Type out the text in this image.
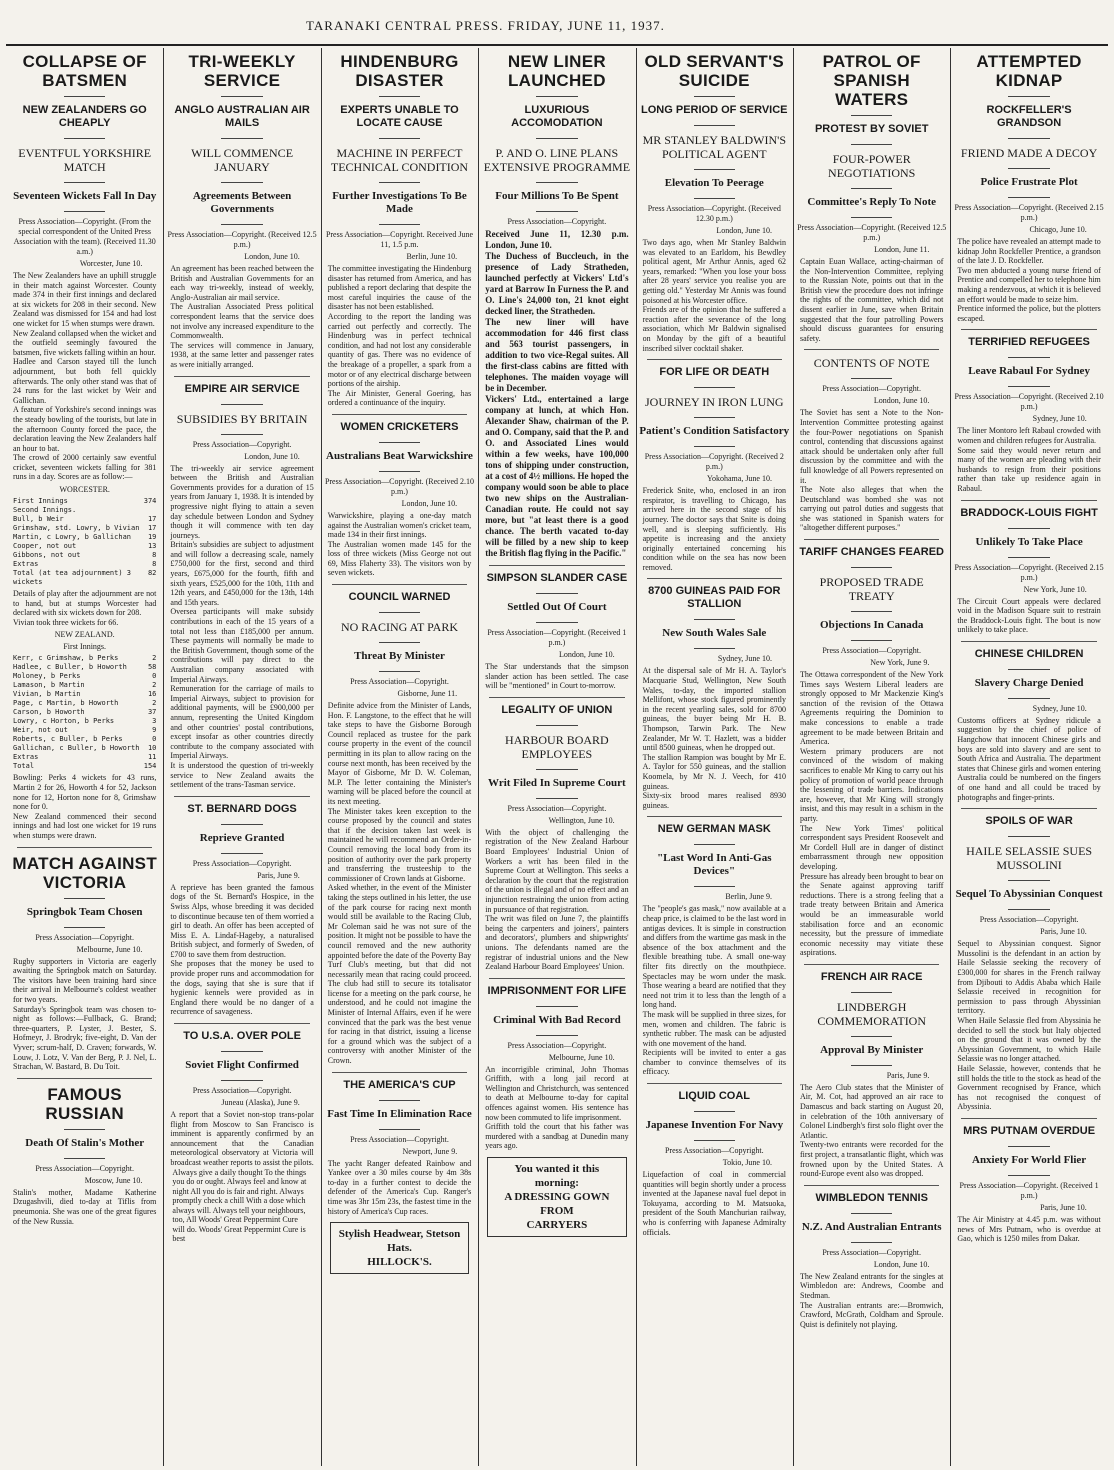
TARANAKI CENTRAL PRESS. FRIDAY, JUNE 11, 1937.
COLLAPSE OF BATSMEN
NEW ZEALANDERS GO CHEAPLY
EVENTFUL YORKSHIRE MATCH
Seventeen Wickets Fall In Day
Press Association—Copyright. (From the special correspondent of the United Press Association with the team). (Received 11.30 a.m.)
Worcester, June 10.
The New Zealanders have an uphill struggle in their match against Worcester. County made 374 in their first innings and declared at six wickets for 208 in their second. New Zealand was dismissed for 154 and had lost one wicket for 15 when stumps were drawn.
New Zealand collapsed when the wicket and the outfield seemingly favoured the batsmen, five wickets falling within an hour.
Hadlee and Carson stayed till the lunch adjournment, but both fell quickly afterwards. The only other stand was that of 24 runs for the last wicket by Weir and Gallichan.
A feature of Yorkshire's second innings was the steady bowling of the tourists, but late in the afternoon County forced the pace, the declaration leaving the New Zealanders half an hour to bat.
The crowd of 2000 certainly saw eventful cricket, seventeen wickets falling for 381 runs in a day. Scores are as follow:—
WORCESTER.
First Innings	374
Second Innings.
Bull, b Weir	17
Grimshaw, std. Lowry, b Vivian 17
Martin, c Lowry, b Gallichan 19
Cooper, not out	13
Gibbons, not out	8
Extras	8
Total (at tea adjournment) 3 wickets
82
Details of play after the adjournment are not to hand, but at stumps Worcester had declared with six wickets down for 208.
Vivian took three wickets for 66.
NEW ZEALAND.
First Innings.
Kerr, c Grimshaw, b Perks	2
Hadlee, c Buller, b Howorth	58
Moloney, b Perks	0
Lamason, b Martin	2
Vivian, b Martin	16
Page, c Martin, b Howorth	2
Carson, b Howorth	37
Lowry, c Horton, b Perks	3
Weir, not out	9
Roberts, c Buller, b Perks	0
Gallichan, c Buller, b Howorth 10
Extras	11
Total	154
Bowling: Perks 4 wickets for 43 runs, Martin 2 for 26, Howorth 4 for 52, Jackson none for 12, Horton none for 8, Grimshaw none for 0.
New Zealand commenced their second innings and had lost one wicket for 19 runs when stumps were drawn.
MATCH AGAINST VICTORIA
Springbok Team Chosen
Press Association—Copyright.
Melbourne, June 10.
Rugby supporters in Victoria are eagerly awaiting the Springbok match on Saturday. The visitors have been training hard since their arrival in Melbourne's coldest weather for two years.
Saturday's Springbok team was chosen to-night as follows:—Fullback, G. Brand; three-quarters, P. Lyster, J. Bester, S. Hofmeyr, J. Brodryk; five-eight, D. Van der Vyver; scrum-half, D. Craven; forwards, W. Louw, J. Lotz, V. Van der Berg, P. J. Nel, L. Strachan, W. Bastard, B. Du Toit.
FAMOUS RUSSIAN
Death Of Stalin's Mother
Press Association—Copyright.
Moscow, June 10.
Stalin's mother, Madame Katherine Dzugashvili, died to-day at Tiflis from pneumonia. She was one of the great figures of the New Russia.
TRI-WEEKLY SERVICE
ANGLO AUSTRALIAN AIR MAILS
WILL COMMENCE JANUARY
Agreements Between Governments
Press Association—Copyright. (Received 12.5 p.m.)
London, June 10.
An agreement has been reached between the British and Australian Governments for an each way tri-weekly, instead of weekly, Anglo-Australian air mail service.
The Australian Associated Press political correspondent learns that the service does not involve any increased expenditure to the Commonwealth.
The services will commence in January, 1938, at the same letter and passenger rates as were initially arranged.
EMPIRE AIR SERVICE
SUBSIDIES BY BRITAIN
Press Association—Copyright.
London, June 10.
The tri-weekly air service agreement between the British and Australian Governments provides for a duration of 15 years from January 1, 1938. It is intended by progressive night flying to attain a seven day schedule between London and Sydney though it will commence with ten day journeys.
Britain's subsidies are subject to adjustment and will follow a decreasing scale, namely £750,000 for the first, second and third years, £675,000 for the fourth, fifth and sixth years, £525,000 for the 10th, 11th and 12th years, and £450,000 for the 13th, 14th and 15th years.
Oversea participants will make subsidy contributions in each of the 15 years of a total not less than £185,000 per annum. These payments will normally be made to the British Government, though some of the contributions will pay direct to the Australian company associated with Imperial Airways.
Remuneration for the carriage of mails to Imperial Airways, subject to provision for additional payments, will be £900,000 per annum, representing the United Kingdom and other countries' postal contributions, except insofar as other countries directly contribute to the company associated with Imperial Airways.
It is understood the question of tri-weekly service to New Zealand awaits the settlement of the trans-Tasman service.
ST. BERNARD DOGS
Reprieve Granted
Press Association—Copyright.
Paris, June 9.
A reprieve has been granted the famous dogs of the St. Bernard's Hospice, in the Swiss Alps, whose breeding it was decided to discontinue because ten of them worried a girl to death. An offer has been accepted of Miss E. A. Lindaf-Hageby, a naturalised British subject, and formerly of Sweden, of £700 to save them from destruction.
She proposes that the money be used to provide proper runs and accommodation for the dogs, saying that she is sure that if hygienic kennels were provided as in England there would be no danger of a recurrence of savageness.
TO U.S.A. OVER POLE
Soviet Flight Confirmed
Press Association—Copyright.
Juneau (Alaska), June 9.
A report that a Soviet non-stop trans-polar flight from Moscow to San Francisco is imminent is apparently confirmed by an announcement that the Canadian meteorological observatory at Victoria will broadcast weather reports to assist the pilots.
Always give a daily thought To the things you do or ought. Always feel and know at night All you do is fair and right. Always promptly check a chill With a dose which always will. Always tell your neighbours, too, All Woods' Great Peppermint Cure will do. Woods' Great Peppermint Cure is best
HINDENBURG DISASTER
EXPERTS UNABLE TO LOCATE CAUSE
MACHINE IN PERFECT TECHNICAL CONDITION
Further Investigations To Be Made
Press Association—Copyright. Received June 11, 1.5 p.m.
Berlin, June 10.
The committee investigating the Hindenburg disaster has returned from America, and has published a report declaring that despite the most careful inquiries the cause of the disaster has not been established.
According to the report the landing was carried out perfectly and correctly. The Hindenburg was in perfect technical condition, and had not lost any considerable quantity of gas. There was no evidence of the breakage of a propeller, a spark from a motor or of any electrical discharge between portions of the airship.
The Air Minister, General Goering, has ordered a continuance of the inquiry.
WOMEN CRICKETERS
Australians Beat Warwickshire
Press Association—Copyright. (Received 2.10 p.m.)
London, June 10.
Warwickshire, playing a one-day match against the Australian women's cricket team, made 134 in their first innings.
The Australian women made 145 for the loss of three wickets (Miss George not out 69, Miss Flaherty 33). The visitors won by seven wickets.
COUNCIL WARNED
NO RACING AT PARK
Threat By Minister
Press Association—Copyright.
Gisborne, June 11.
Definite advice from the Minister of Lands, Hon. F. Langstone, to the effect that he will take steps to have the Gisborne Borough Council replaced as trustee for the park course property in the event of the council permitting in its plan to allow racing on the course next month, has been received by the Mayor of Gisborne, Mr D. W. Coleman, M.P. The letter containing the Minister's warning will be placed before the council at its next meeting.
The Minister takes keen exception to the course proposed by the council and states that if the decision taken last week is maintained he will recommend an Order-in-Council removing the local body from its position of authority over the park property and transferring the trusteeship to the commissioner of Crown lands at Gisborne.
Asked whether, in the event of the Minister taking the steps outlined in his letter, the use of the park course for racing next month would still be available to the Racing Club, Mr Coleman said he was not sure of the position. It might not be possible to have the council removed and the new authority appointed before the date of the Poverty Bay Turf Club's meeting, but that did not necessarily mean that racing could proceed. The club had still to secure its totalisator license for a meeting on the park course, he understood, and he could not imagine the Minister of Internal Affairs, even if he were convinced that the park was the best venue for racing in that district, issuing a license for a ground which was the subject of a controversy with another Minister of the Crown.
THE AMERICA'S CUP
Fast Time In Elimination Race
Press Association—Copyright.
Newport, June 9.
The yacht Ranger defeated Rainbow and Yankee over a 30 miles course by 4m 38s to-day in a further contest to decide the defender of the America's Cup. Ranger's time was 3hr 15m 23s, the fastest time in the history of America's Cup races.
Stylish Headwear, Stetson Hats.
HILLOCK'S.
NEW LINER LAUNCHED
LUXURIOUS ACCOMODATION
P. AND O. LINE PLANS EXTENSIVE PROGRAMME
Four Millions To Be Spent
Press Association—Copyright.
Received June 11, 12.30 p.m. London, June 10.
The Duchess of Buccleuch, in the presence of Lady Stratheden, launched perfectly at Vickers' Ltd's yard at Barrow In Furness the P. and O. Line's 24,000 ton, 21 knot eight decked liner, the Stratheden.
The new liner will have accommodation for 446 first class and 563 tourist passengers, in addition to two vice-Regal suites. All the first-class cabins are fitted with telephones. The maiden voyage will be in December.
Vickers' Ltd., entertained a large company at lunch, at which Hon. Alexander Shaw, chairman of the P. and O. Company, said that the P. and O. and Associated Lines would within a few weeks, have 100,000 tons of shipping under construction, at a cost of 4½ millions. He hoped the company would soon be able to place two new ships on the Australian-Canadian route. He could not say more, but "at least there is a good chance. The berth vacated to-day will be filled by a new ship to keep the British flag flying in the Pacific."
SIMPSON SLANDER CASE
Settled Out Of Court
Press Association—Copyright. (Received 1 p.m.)
London, June 10.
The Star understands that the simpson slander action has been settled. The case will be "mentioned" in Court to-morrow.
LEGALITY OF UNION
HARBOUR BOARD EMPLOYEES
Writ Filed In Supreme Court
Press Association—Copyright.
Wellington, June 10.
With the object of challenging the registration of the New Zealand Harbour Board Employees' Industrial Union of Workers a writ has been filed in the Supreme Court at Wellington. This seeks a declaration by the court that the registration of the union is illegal and of no effect and an injunction restraining the union from acting in pursuance of that registration.
The writ was filed on June 7, the plaintiffs being the carpenters and joiners', painters and decorators', plumbers and shipwrights' unions. The defendants named are the registrar of industrial unions and the New Zealand Harbour Board Employees' Union.
IMPRISONMENT FOR LIFE
Criminal With Bad Record
Press Association—Copyright.
Melbourne, June 10.
An incorrigible criminal, John Thomas Griffith, with a long jail record at Wellington and Christchurch, was sentenced to death at Melbourne to-day for capital offences against women. His sentence has now been commuted to life imprisonment.
Griffith told the court that his father was murdered with a sandbag at Dunedin many years ago.
You wanted it this morning:
A DRESSING GOWN
FROM
CARRYERS
OLD SERVANT'S SUICIDE
LONG PERIOD OF SERVICE
MR STANLEY BALDWIN'S POLITICAL AGENT
Elevation To Peerage
Press Association—Copyright. (Received 12.30 p.m.)
London, June 10.
Two days ago, when Mr Stanley Baldwin was elevated to an Earldom, his Bewdley political agent, Mr Arthur Annis, aged 62 years, remarked: "When you lose your boss after 28 years' service you realise you are getting old." Yesterday Mr Annis was found poisoned at his Worcester office.
Friends are of the opinion that he suffered a reaction after the severance of the long association, which Mr Baldwin signalised on Monday by the gift of a beautiful inscribed silver cocktail shaker.
FOR LIFE OR DEATH
JOURNEY IN IRON LUNG
Patient's Condition Satisfactory
Press Association—Copyright. (Received 2 p.m.)
Yokohama, June 10.
Frederick Snite, who, enclosed in an iron respirator, is travelling to Chicago, has arrived here in the second stage of his journey. The doctor says that Snite is doing well, and is sleeping sufficiently. His appetite is increasing and the anxiety originally entertained concerning his condition while on the sea has now been removed.
8700 GUINEAS PAID FOR STALLION
New South Wales Sale
Sydney, June 10.
At the dispersal sale of Mr H. A. Taylor's Macquarie Stud, Wellington, New South Wales, to-day, the imported stallion Mellifont, whose stock figured prominently in the recent yearling sales, sold for 8700 guineas, the buyer being Mr H. B. Thompson, Tarwin Park. The New Zealander, Mr W. T. Hazlett, was a bidder until 8500 guineas, when he dropped out.
The stallion Rampion was bought by Mr E. A. Taylor for 550 guineas, and the stallion Koomela, by Mr N. J. Veech, for 410 guineas.
Sixty-six brood mares realised 8930 guineas.
NEW GERMAN MASK
"Last Word In Anti-Gas Devices"
Berlin, June 9.
The "people's gas mask," now available at a cheap price, is claimed to be the last word in antigas devices. It is simple in construction and differs from the wartime gas mask in the absence of the box attachment and the flexible breathing tube. A small one-way filter fits directly on the mouthpiece. Spectacles may be worn under the mask. Those wearing a beard are notified that they need not trim it to less than the length of a long hand.
The mask will be supplied in three sizes, for men, women and children. The fabric is synthetic rubber. The mask can be adjusted with one movement of the hand.
Recipients will be invited to enter a gas chamber to convince themselves of its efficacy.
LIQUID COAL
Japanese Invention For Navy
Press Association—Copyright.
Tokio, June 10.
Liquefaction of coal in commercial quantities will begin shortly under a process invented at the Japanese naval fuel depot in Tokuyama, according to M. Matsuoka, president of the South Manchurian railway, who is conferring with Japanese Admiralty officials.
PATROL OF SPANISH WATERS
PROTEST BY SOVIET
FOUR-POWER NEGOTIATIONS
Committee's Reply To Note
Press Association—Copyright. (Received 12.5 p.m.)
London, June 11.
Captain Euan Wallace, acting-chairman of the Non-Intervention Committee, replying to the Russian Note, points out that in the British view the procedure does not infringe the rights of the committee, which did not dissent earlier in June, save when Britain suggested that the four patrolling Powers should discuss guarantees for ensuring safety.
CONTENTS OF NOTE
Press Association—Copyright.
London, June 10.
The Soviet has sent a Note to the Non-Intervention Committee protesting against the four-Power negotiations on Spanish control, contending that discussions against attack should be undertaken only after full discussion by the committee and with the full knowledge of all Powers represented on it.
The Note also alleges that when the Deutschland was bombed she was not carrying out patrol duties and suggests that she was stationed in Spanish waters for "altogether different purposes."
TARIFF CHANGES FEARED
PROPOSED TRADE TREATY
Objections In Canada
Press Association—Copyright.
New York, June 9.
The Ottawa correspondent of the New York Times says Western Liberal leaders are strongly opposed to Mr Mackenzie King's sanction of the revision of the Ottawa Agreements requiring the Dominion to make concessions to enable a trade agreement to be made between Britain and America.
Western primary producers are not convinced of the wisdom of making sacrifices to enable Mr King to carry out his policy of promotion of world peace through the lessening of trade barriers. Indications are, however, that Mr King will strongly insist, and this may result in a schism in the party.
The New York Times' political correspondent says President Roosevelt and Mr Cordell Hull are in danger of distinct embarrassment through new opposition developing.
Pressure has already been brought to bear on the Senate against approving tariff reductions. There is a strong feeling that a trade treaty between Britain and America would be an immeasurable world stabilisation force and an economic necessity, but the pressure of immediate economic necessity may vitiate these aspirations.
FRENCH AIR RACE
LINDBERGH COMMEMORATION
Approval By Minister
Paris, June 9.
The Aero Club states that the Minister of Air, M. Cot, had approved an air race to Damascus and back starting on August 20, in celebration of the 10th anniversary of Colonel Lindbergh's first solo flight over the Atlantic.
Twenty-two entrants were recorded for the first project, a transatlantic flight, which was frowned upon by the United States. A round-Europe event also was dropped.
WIMBLEDON TENNIS
N.Z. And Australian Entrants
Press Association—Copyright.
London, June 10.
The New Zealand entrants for the singles at Wimbledon are: Andrews, Coombe and Stedman.
The Australian entrants are:—Bromwich, Crawford, McGrath, Coldham and Sproule. Quist is definitely not playing.
ATTEMPTED KIDNAP
ROCKFELLER'S GRANDSON
FRIEND MADE A DECOY
Police Frustrate Plot
Press Association—Copyright. (Received 2.15 p.m.)
Chicago, June 10.
The police have revealed an attempt made to kidnap John Rockfeller Prentice, a grandson of the late J. D. Rockfeller.
Two men abducted a young nurse friend of Prentice and compelled her to telephone him making a rendezvous, at which it is believed an effort would be made to seize him.
Prentice informed the police, but the plotters escaped.
TERRIFIED REFUGEES
Leave Rabaul For Sydney
Press Association—Copyright. (Received 2.10 p.m.)
Sydney, June 10.
The liner Montoro left Rabaul crowded with women and children refugees for Australia.
Some said they would never return and many of the women are pleading with their husbands to resign from their positions rather than take up residence again in Rabaul.
BRADDOCK-LOUIS FIGHT
Unlikely To Take Place
Press Association—Copyright. (Received 2.15 p.m.)
New York, June 10.
The Circuit Court appeals were declared void in the Madison Square suit to restrain the Braddock-Louis fight. The bout is now unlikely to take place.
CHINESE CHILDREN
Slavery Charge Denied
Sydney, June 10.
Customs officers at Sydney ridicule a suggestion by the chief of police of Hangchow that innocent Chinese girls and boys are sold into slavery and are sent to South Africa and Australia. The department states that Chinese girls and women entering Australia could be numbered on the fingers of one hand and all could be traced by photographs and finger-prints.
SPOILS OF WAR
HAILE SELASSIE SUES MUSSOLINI
Sequel To Abyssinian Conquest
Press Association—Copyright.
Paris, June 10.
Sequel to Abyssinian conquest. Signor Mussolini is the defendant in an action by Haile Selassie seeking the recovery of £300,000 for shares in the French railway from Djibouti to Addis Ababa which Haile Selassie received in recognition for permission to pass through Abyssinian territory.
When Haile Selassie fled from Abyssinia he decided to sell the stock but Italy objected on the ground that it was owned by the Abyssinian Government, to which Haile Selassie was no longer attached.
Haile Selassie, however, contends that he still holds the title to the stock as head of the Government recognised by France, which has not recognised the conquest of Abyssinia.
MRS PUTNAM OVERDUE
Anxiety For World Flier
Press Association—Copyright. (Received 1 p.m.)
Paris, June 10.
The Air Ministry at 4.45 p.m. was without news of Mrs Putnam, who is overdue at Gao, which is 1250 miles from Dakar.
